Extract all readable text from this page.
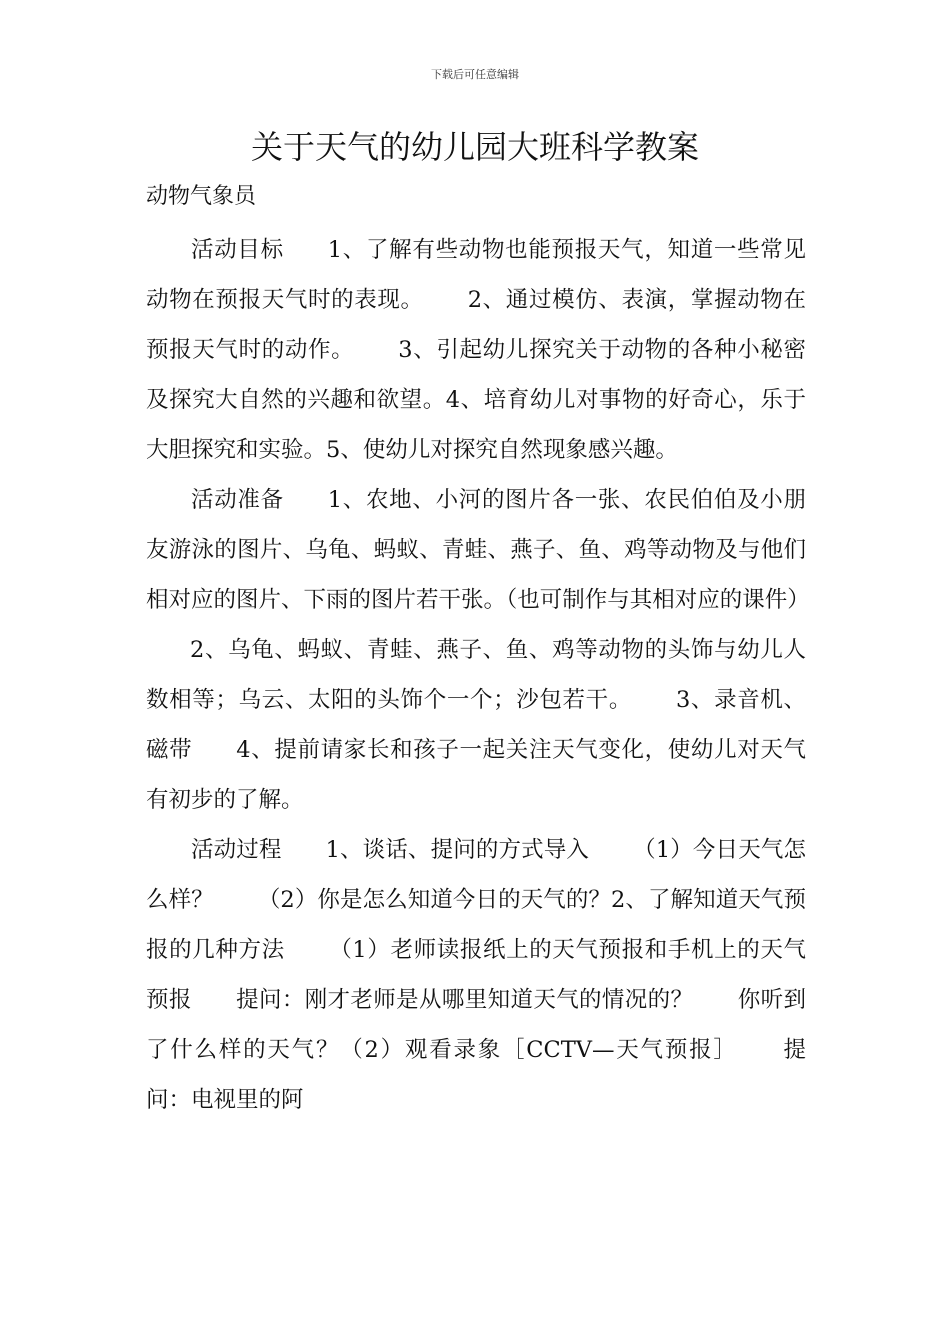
下载后可任意编辑
关于天气的幼儿园大班科学教案
动物气象员

活动目标 1、了解有些动物也能预报天气，知道一些常见动物在预报天气时的表现。 2、通过模仿、表演，掌握动物在预报天气时的动作。 3、引起幼儿探究关于动物的各种小秘密及探究大自然的兴趣和欲望。4、培育幼儿对事物的好奇心，乐于大胆探究和实验。5、使幼儿对探究自然现象感兴趣。

活动准备 1、农地、小河的图片各一张、农民伯伯及小朋友游泳的图片、乌龟、蚂蚁、青蛙、燕子、鱼、鸡等动物及与他们相对应的图片、下雨的图片若干张。（也可制作与其相对应的课件）2、乌龟、蚂蚁、青蛙、燕子、鱼、鸡等动物的头饰与幼儿人数相等；乌云、太阳的头饰个一个；沙包若干。 3、录音机、磁带 4、提前请家长和孩子一起关注天气变化，使幼儿对天气有初步的了解。

活动过程 1、谈话、提问的方式导入 （1）今日天气怎么样？ （2）你是怎么知道今日的天气的？2、了解知道天气预报的几种方法 （1）老师读报纸上的天气预报和手机上的天气预报 提问：刚才老师是从哪里知道天气的情况的？ 你听到了什么样的天气？（2）观看录象［CCTV—天气预报］ 提问：电视里的阿
